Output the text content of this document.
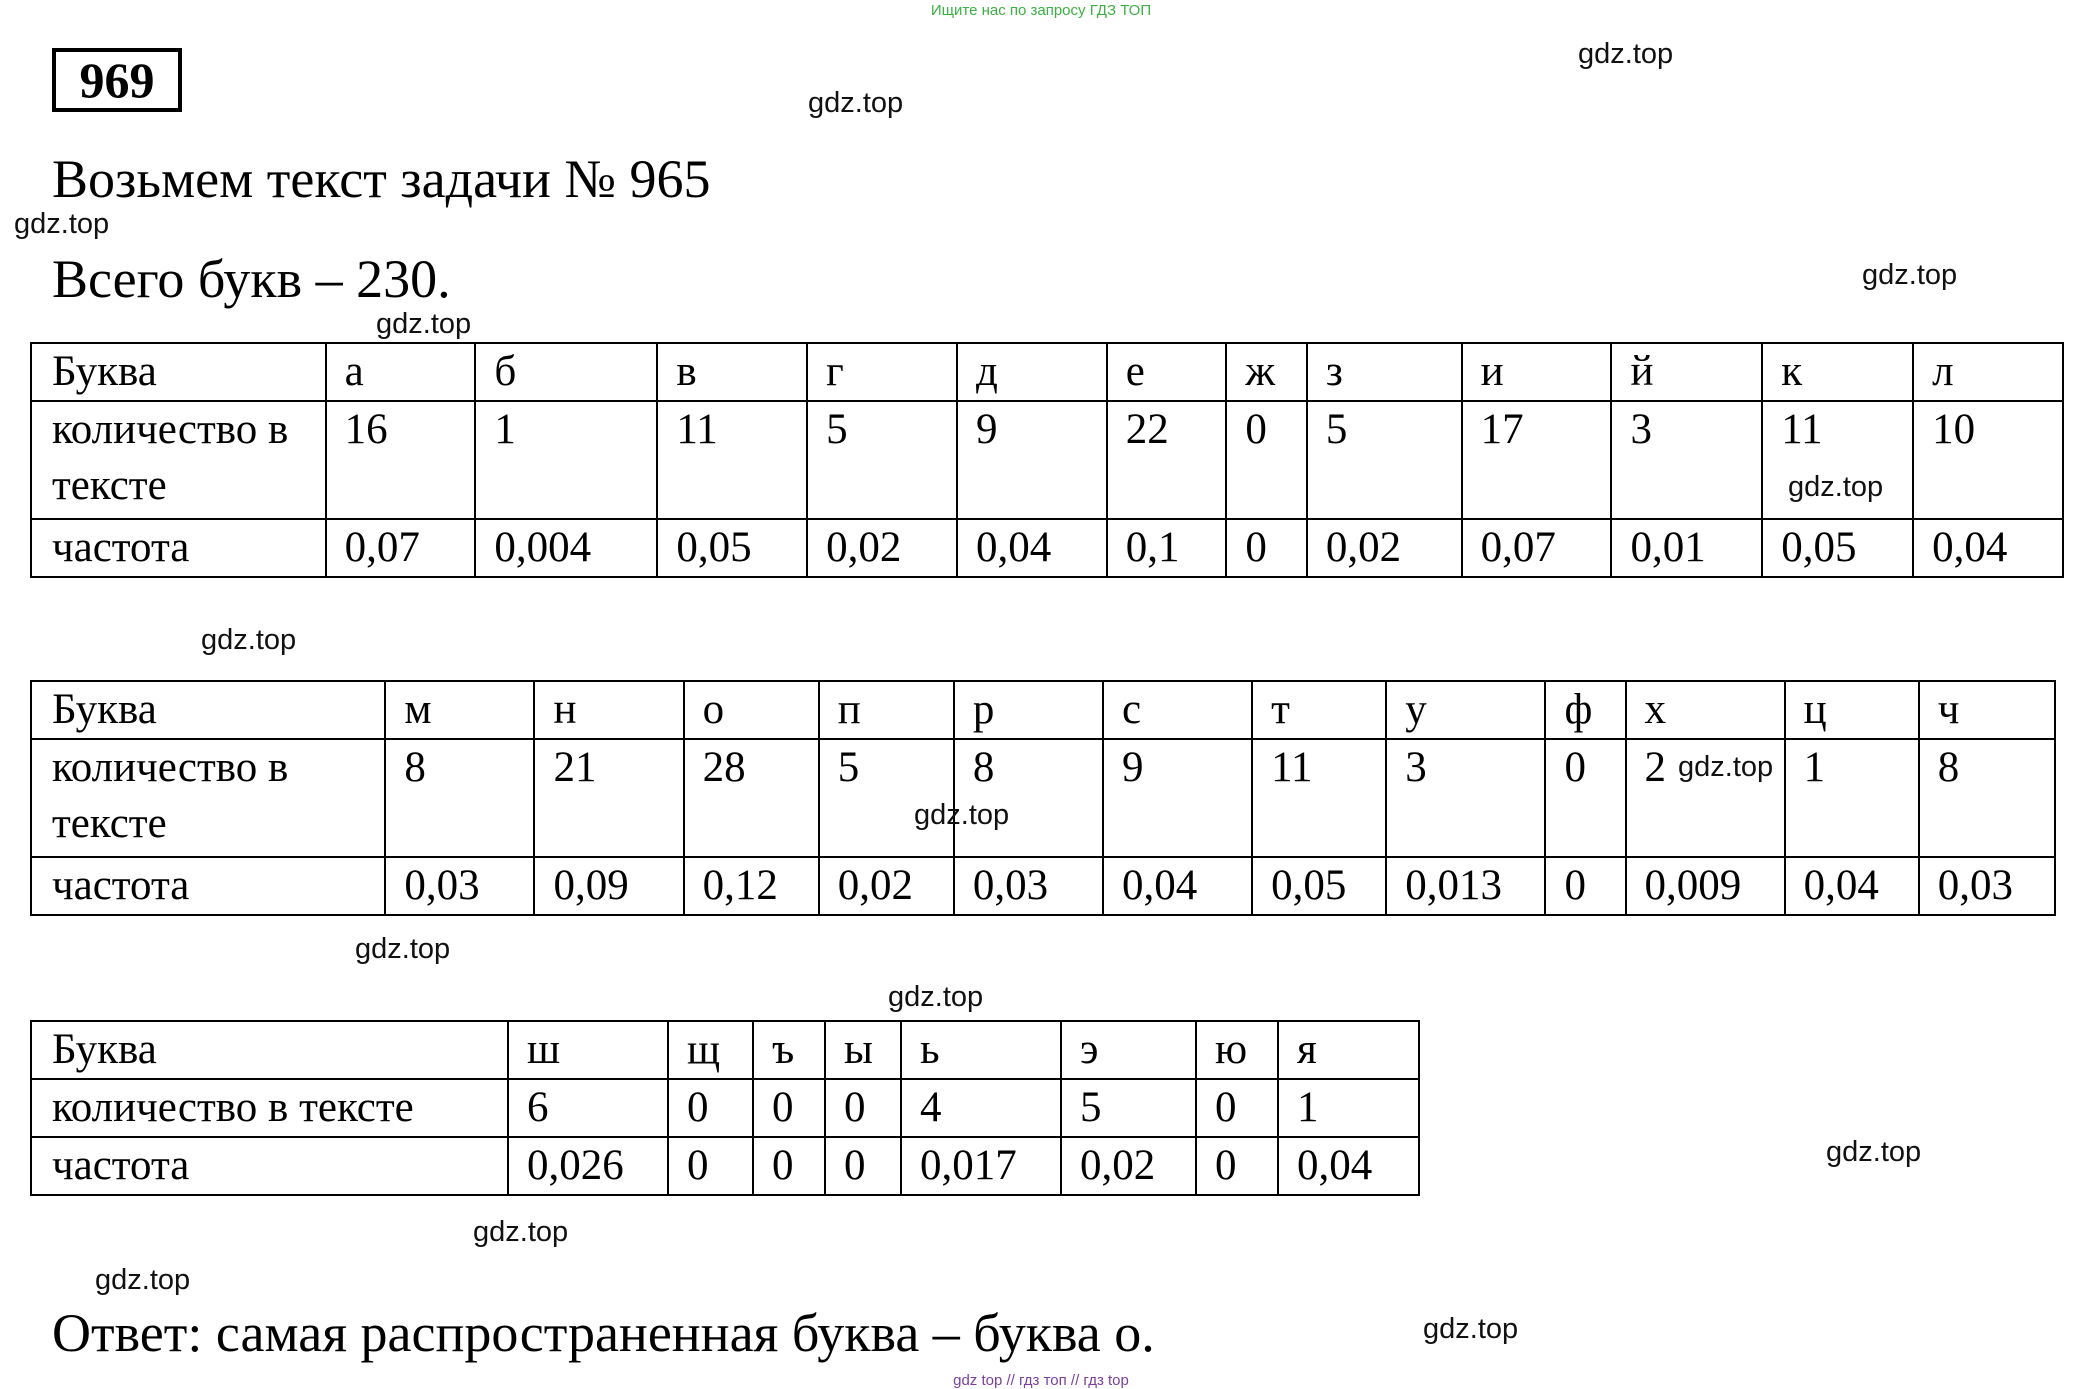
Ищите нас по запросу ГДЗ ТОП
969
Возьмем текст задачи № 965
Всего букв – 230.
Буква	а	б	в	г	д	е	ж	з	и	й	к	л
количество в тексте	16	1	11	5	9	22	0	5	17	3	11	10
частота	0,07	0,004	0,05	0,02	0,04	0,1	0	0,02	0,07	0,01	0,05	0,04
Буква	м	н	о	п	р	с	т	у	ф	х	ц	ч
количество в тексте	8	21	28	5	8	9	11	3	0	2	1	8
частота	0,03	0,09	0,12	0,02	0,03	0,04	0,05	0,013	0	0,009	0,04	0,03
Буква	ш	щ	ъ	ы	ь	э	ю	я
количество в тексте	6	0	0	0	4	5	0	1
частота	0,026	0	0	0	0,017	0,02	0	0,04
Ответ: самая распространенная буква – буква о.
gdz.top
gdz.top
gdz.top
gdz.top
gdz.top
gdz.top
gdz.top
gdz.top
gdz.top
gdz.top
gdz.top
gdz.top
gdz.top
gdz.top
gdz.top
gdz top // гдз топ // гдз top
